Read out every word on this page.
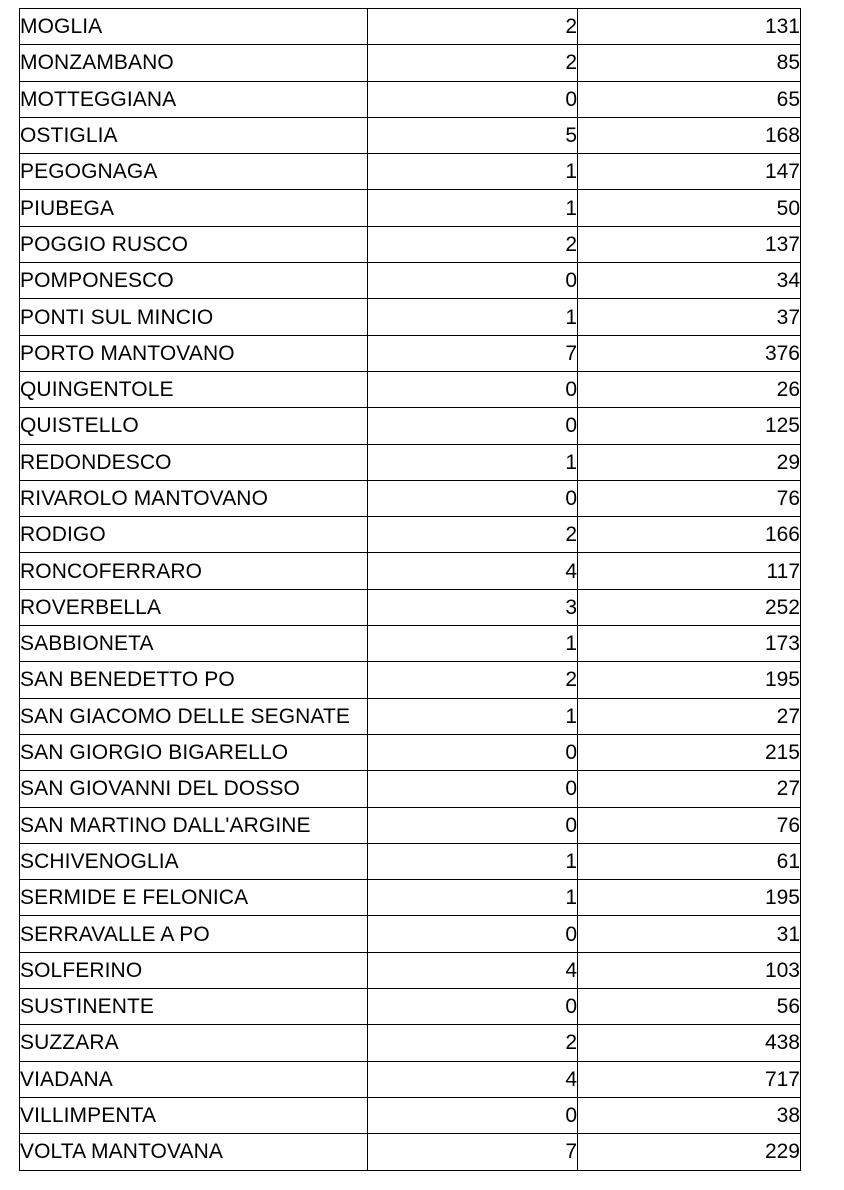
MOGLIA	2	131
MONZAMBANO	2	85
MOTTEGGIANA	0	65
OSTIGLIA	5	168
PEGOGNAGA	1	147
PIUBEGA	1	50
POGGIO RUSCO	2	137
POMPONESCO	0	34
PONTI SUL MINCIO	1	37
PORTO MANTOVANO	7	376
QUINGENTOLE	0	26
QUISTELLO	0	125
REDONDESCO	1	29
RIVAROLO MANTOVANO	0	76
RODIGO	2	166
RONCOFERRARO	4	117
ROVERBELLA	3	252
SABBIONETA	1	173
SAN BENEDETTO PO	2	195
SAN GIACOMO DELLE SEGNATE	1	27
SAN GIORGIO BIGARELLO	0	215
SAN GIOVANNI DEL DOSSO	0	27
SAN MARTINO DALL'ARGINE	0	76
SCHIVENOGLIA	1	61
SERMIDE E FELONICA	1	195
SERRAVALLE A PO	0	31
SOLFERINO	4	103
SUSTINENTE	0	56
SUZZARA	2	438
VIADANA	4	717
VILLIMPENTA	0	38
VOLTA MANTOVANA	7	229
